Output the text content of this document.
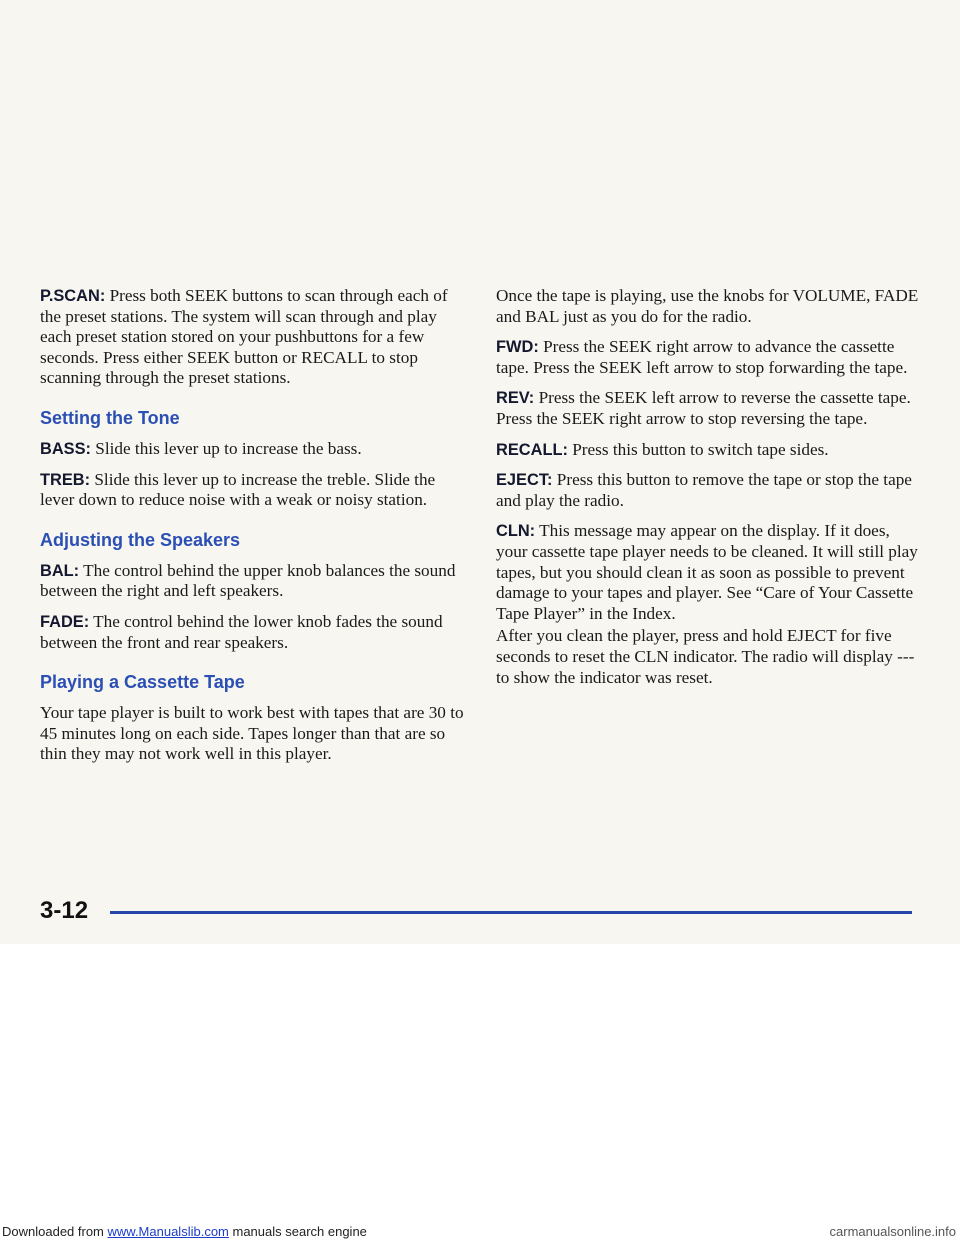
P.SCAN: Press both SEEK buttons to scan through each of the preset stations. The system will scan through and play each preset station stored on your pushbuttons for a few seconds. Press either SEEK button or RECALL to stop scanning through the preset stations.

Setting the Tone

BASS: Slide this lever up to increase the bass.

TREB: Slide this lever up to increase the treble. Slide the lever down to reduce noise with a weak or noisy station.

Adjusting the Speakers

BAL: The control behind the upper knob balances the sound between the right and left speakers.

FADE: The control behind the lower knob fades the sound between the front and rear speakers.

Playing a Cassette Tape

Your tape player is built to work best with tapes that are 30 to 45 minutes long on each side. Tapes longer than that are so thin they may not work well in this player.

Once the tape is playing, use the knobs for VOLUME, FADE and BAL just as you do for the radio.

FWD: Press the SEEK right arrow to advance the cassette tape. Press the SEEK left arrow to stop forwarding the tape.

REV: Press the SEEK left arrow to reverse the cassette tape. Press the SEEK right arrow to stop reversing the tape.

RECALL: Press this button to switch tape sides.

EJECT: Press this button to remove the tape or stop the tape and play the radio.

CLN: This message may appear on the display. If it does, your cassette tape player needs to be cleaned. It will still play tapes, but you should clean it as soon as possible to prevent damage to your tapes and player. See “Care of Your Cassette Tape Player” in the Index.

After you clean the player, press and hold EJECT for five seconds to reset the CLN indicator. The radio will display --- to show the indicator was reset.

3-12
Downloaded from www.Manualslib.com manuals search engine	carmanualsonline.info
